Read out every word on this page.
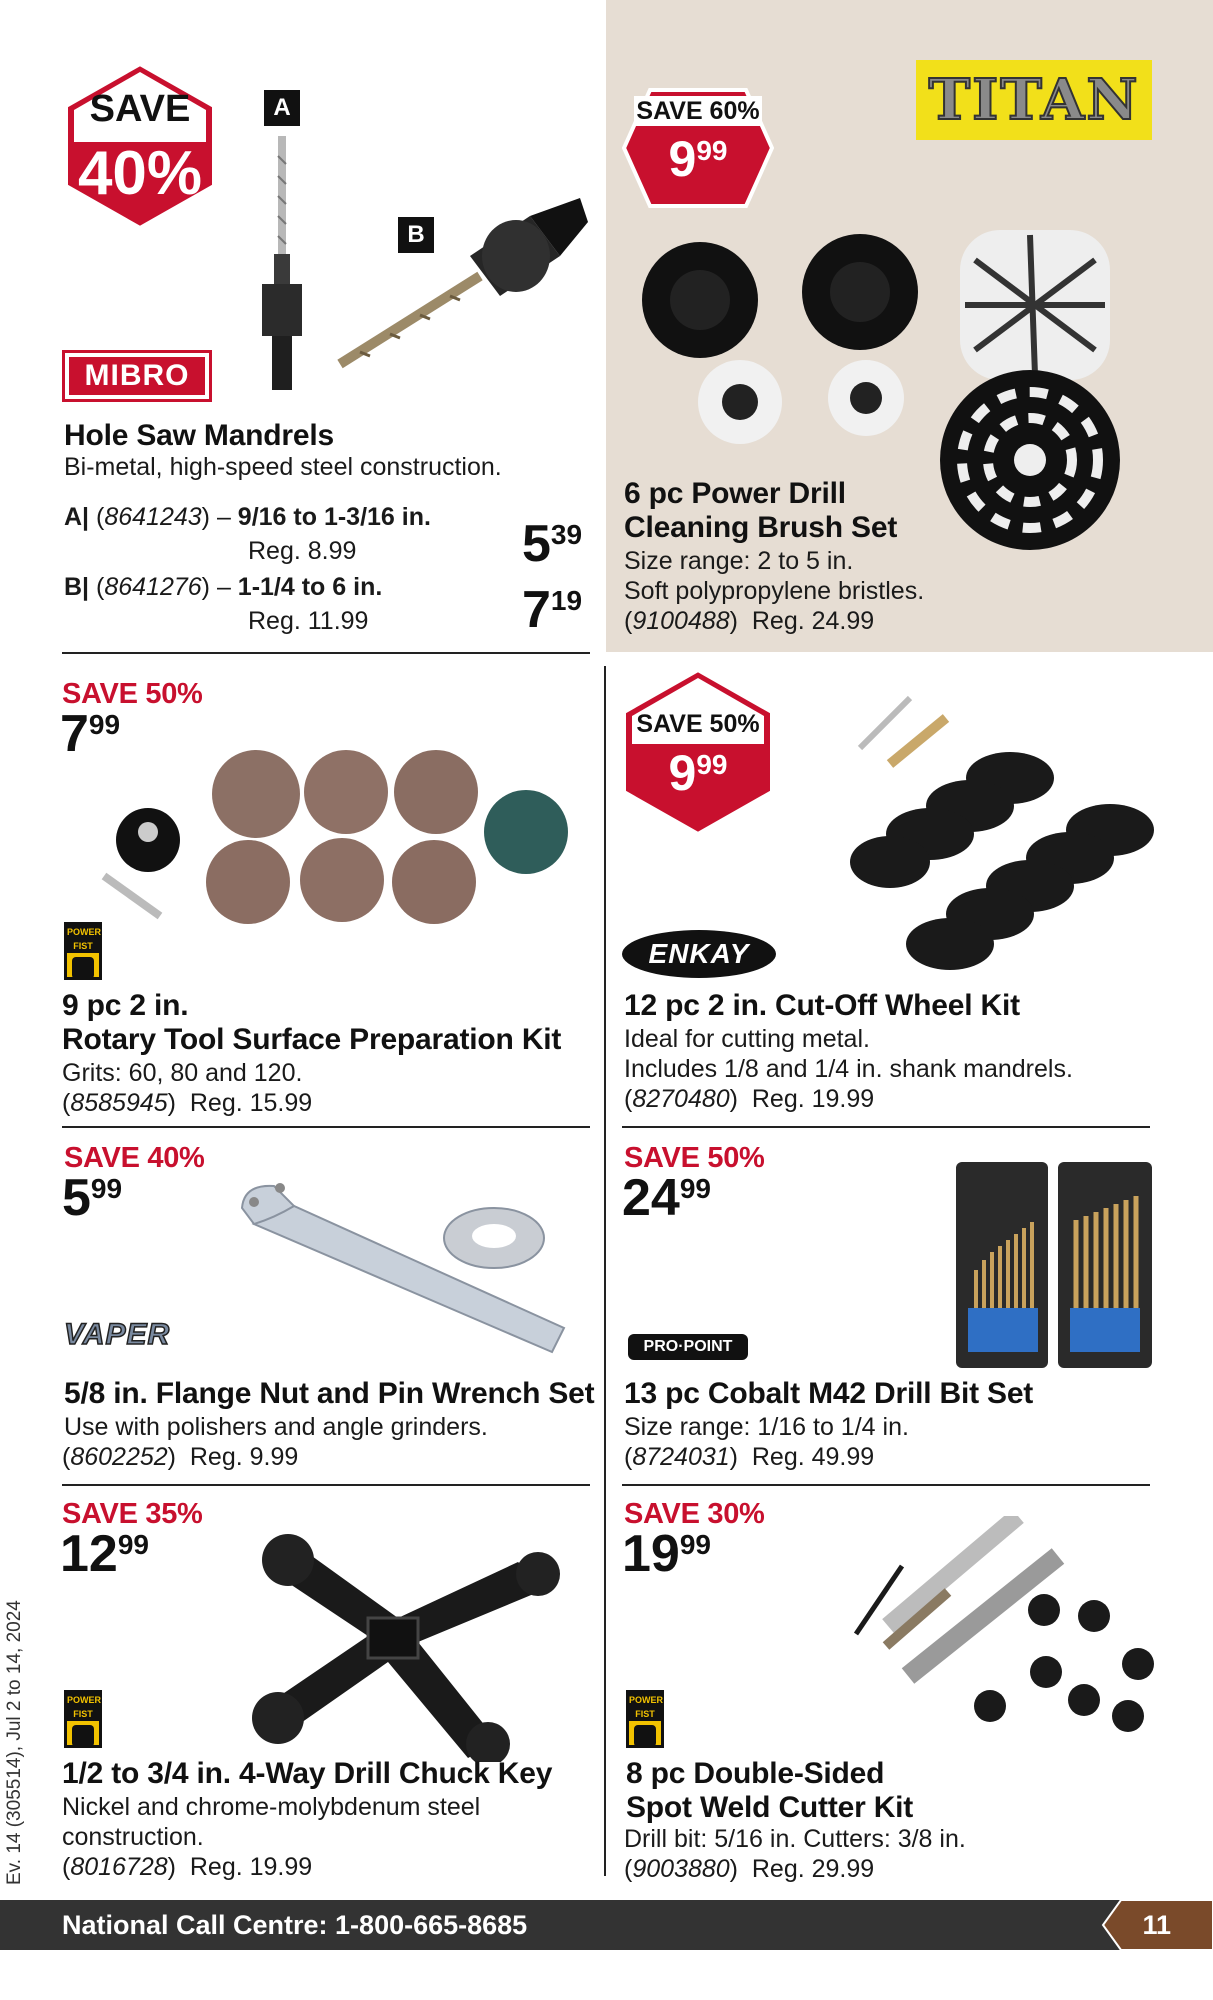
SAVE
40%
A
B
MIBRO
Hole Saw Mandrels
Bi-metal, high-speed steel construction.
A| (8641243) – 9/16 to 1-3/16 in.
Reg. 8.99	539
B| (8641276) – 1-1/4 to 6 in.
Reg. 11.99	719
SAVE 60%
999
TITAN
6 pc Power Drill
Cleaning Brush Set
Size range: 2 to 5 in.
Soft polypropylene bristles.
(9100488)  Reg. 24.99
SAVE 50%
799
POWER FIST
9 pc 2 in.
Rotary Tool Surface Preparation Kit
Grits: 60, 80 and 120.
(8585945)  Reg. 15.99
SAVE 50%
999
ENKAY
12 pc 2 in. Cut-Off Wheel Kit
Ideal for cutting metal.
Includes 1/8 and 1/4 in. shank mandrels.
(8270480)  Reg. 19.99
SAVE 40%
599
VAPER
5/8 in. Flange Nut and Pin Wrench Set
Use with polishers and angle grinders.
(8602252)  Reg. 9.99
SAVE 50%
2499
PRO·POINT
13 pc Cobalt M42 Drill Bit Set
Size range: 1/16 to 1/4 in.
(8724031)  Reg. 49.99
SAVE 35%
1299
POWER FIST
1/2 to 3/4 in. 4-Way Drill Chuck Key
Nickel and chrome-molybdenum steel
construction.
(8016728)  Reg. 19.99
SAVE 30%
1999
POWER FIST
8 pc Double-Sided
Spot Weld Cutter Kit
Drill bit: 5/16 in. Cutters: 3/8 in.
(9003880)  Reg. 29.99
Ev. 14 (305514), Jul 2 to 14, 2024
National Call Centre: 1-800-665-8685	11
